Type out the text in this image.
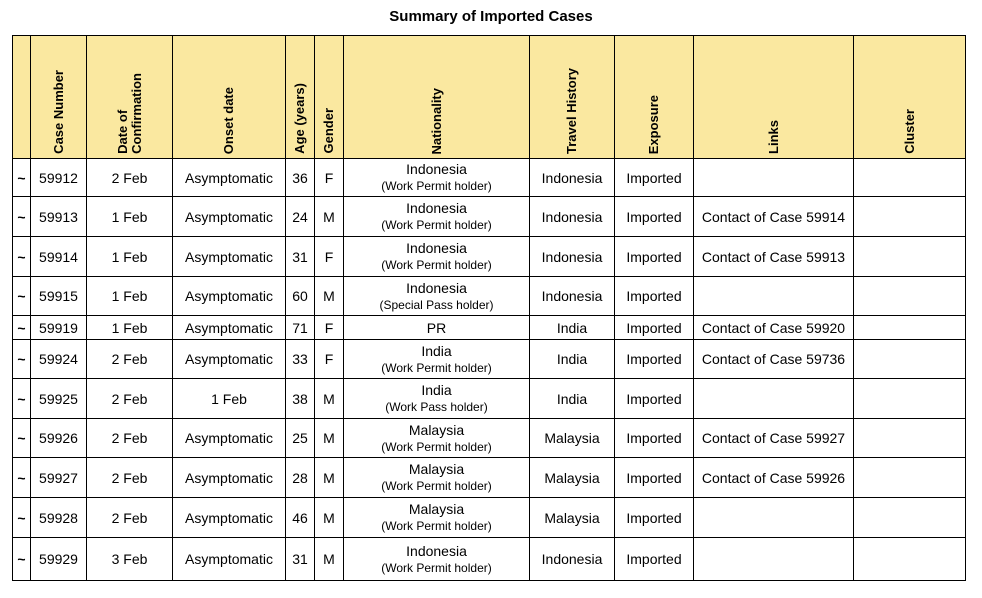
Summary of Imported Cases

	Case Number	Date of
Confirmation	Onset date	Age (years)	Gender	Nationality	Travel History	Exposure	Links	Cluster

~	59912	2 Feb	Asymptomatic	36	F	Indonesia
(Work Permit holder)	Indonesia	Imported		
~	59913	1 Feb	Asymptomatic	24	M	Indonesia
(Work Permit holder)	Indonesia	Imported	Contact of Case 59914	
~	59914	1 Feb	Asymptomatic	31	F	Indonesia
(Work Permit holder)	Indonesia	Imported	Contact of Case 59913	
~	59915	1 Feb	Asymptomatic	60	M	Indonesia
(Special Pass holder)	Indonesia	Imported		
~	59919	1 Feb	Asymptomatic	71	F	PR	India	Imported	Contact of Case 59920	
~	59924	2 Feb	Asymptomatic	33	F	India
(Work Permit holder)	India	Imported	Contact of Case 59736	
~	59925	2 Feb	1 Feb	38	M	India
(Work Pass holder)	India	Imported		
~	59926	2 Feb	Asymptomatic	25	M	Malaysia
(Work Permit holder)	Malaysia	Imported	Contact of Case 59927	
~	59927	2 Feb	Asymptomatic	28	M	Malaysia
(Work Permit holder)	Malaysia	Imported	Contact of Case 59926	
~	59928	2 Feb	Asymptomatic	46	M	Malaysia
(Work Permit holder)	Malaysia	Imported		
~	59929	3 Feb	Asymptomatic	31	M	Indonesia
(Work Permit holder)	Indonesia	Imported		
